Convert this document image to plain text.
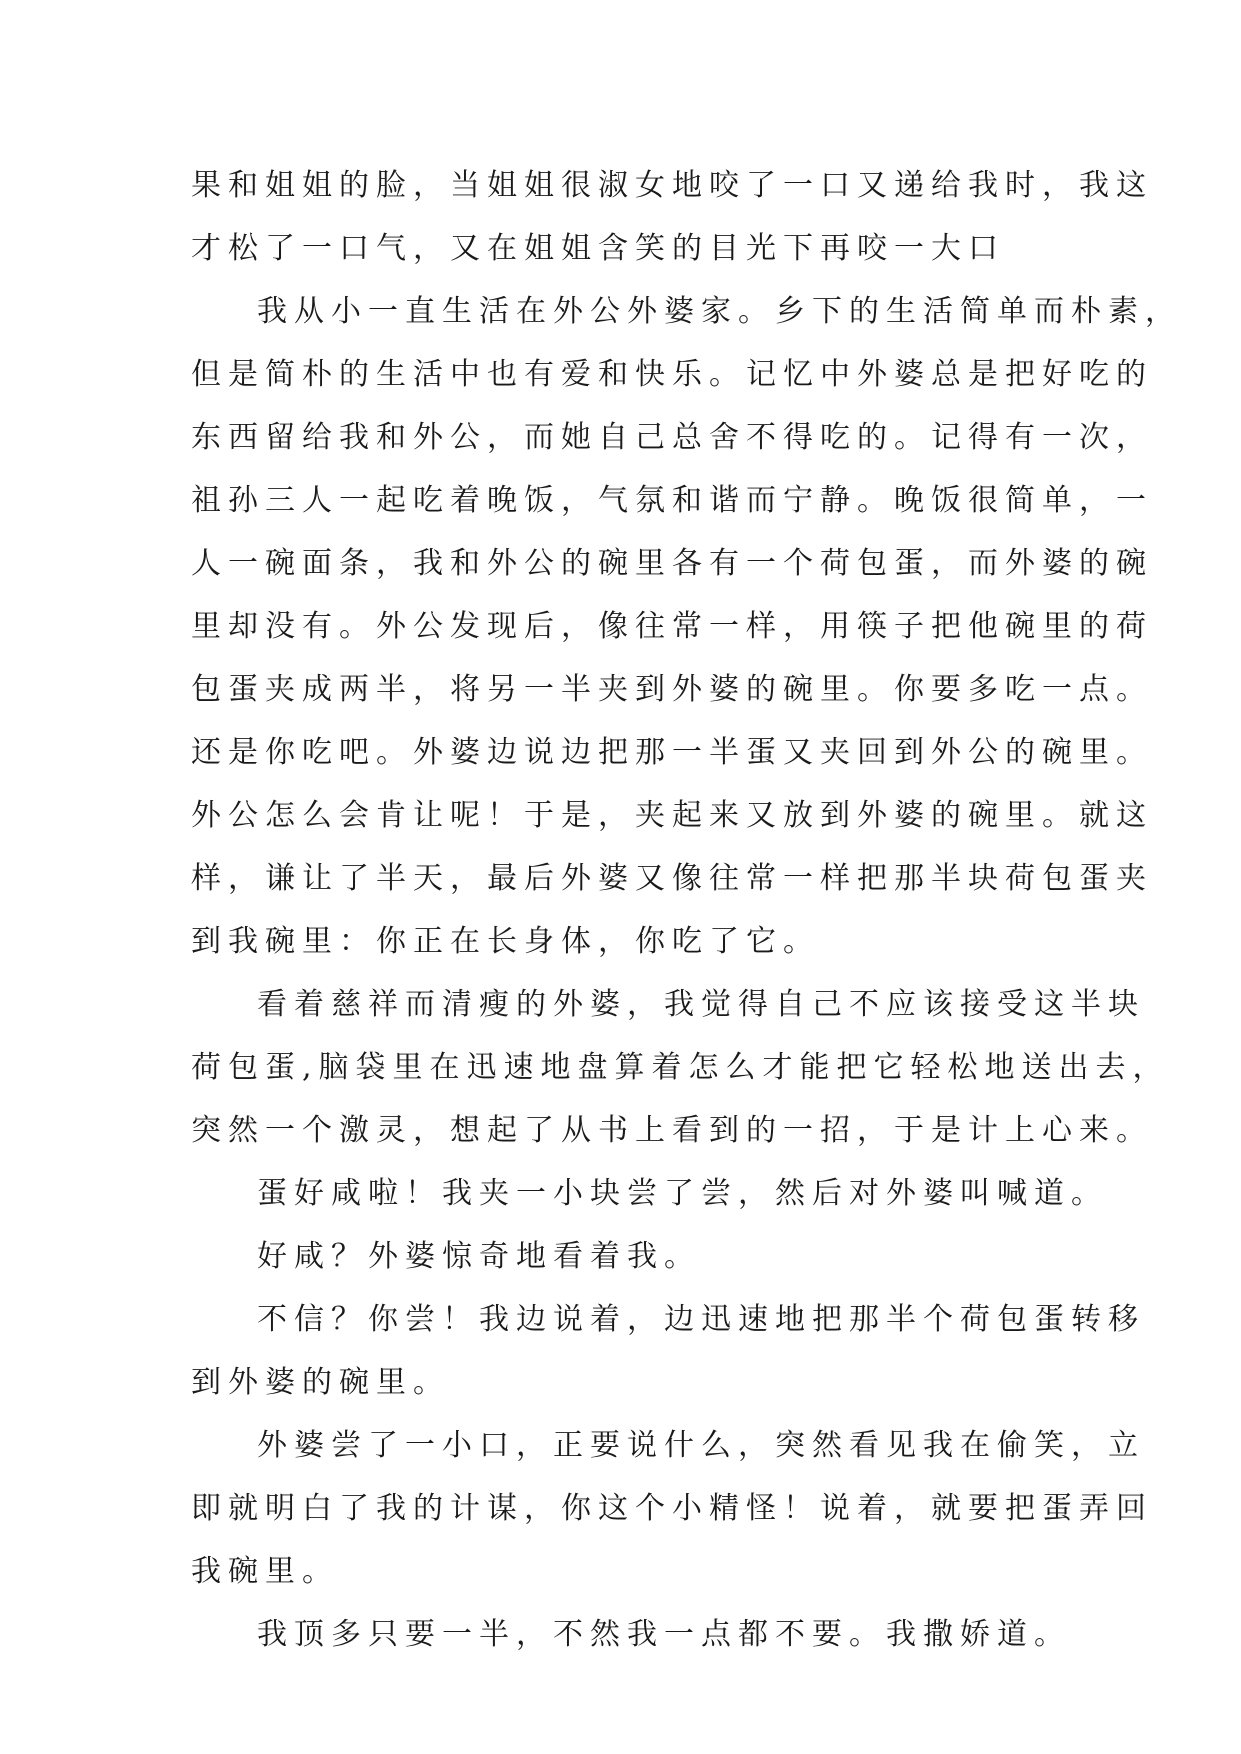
果和姐姐的脸，当姐姐很淑女地咬了一口又递给我时，我这

才松了一口气，又在姐姐含笑的目光下再咬一大口

我从小一直生活在外公外婆家。乡下的生活简单而朴素，

但是简朴的生活中也有爱和快乐。记忆中外婆总是把好吃的

东西留给我和外公，而她自己总舍不得吃的。记得有一次，

祖孙三人一起吃着晚饭，气氛和谐而宁静。晚饭很简单，一

人一碗面条，我和外公的碗里各有一个荷包蛋，而外婆的碗

里却没有。外公发现后，像往常一样，用筷子把他碗里的荷

包蛋夹成两半，将另一半夹到外婆的碗里。你要多吃一点。

还是你吃吧。外婆边说边把那一半蛋又夹回到外公的碗里。

外公怎么会肯让呢！于是，夹起来又放到外婆的碗里。就这

样，谦让了半天，最后外婆又像往常一样把那半块荷包蛋夹

到我碗里：你正在长身体，你吃了它。

看着慈祥而清瘦的外婆，我觉得自己不应该接受这半块

荷包蛋,脑袋里在迅速地盘算着怎么才能把它轻松地送出去，

突然一个激灵，想起了从书上看到的一招，于是计上心来。

蛋好咸啦！我夹一小块尝了尝，然后对外婆叫喊道。

好咸？外婆惊奇地看着我。

不信？你尝！我边说着，边迅速地把那半个荷包蛋转移

到外婆的碗里。

外婆尝了一小口，正要说什么，突然看见我在偷笑，立

即就明白了我的计谋，你这个小精怪！说着，就要把蛋弄回

我碗里。

我顶多只要一半，不然我一点都不要。我撒娇道。
